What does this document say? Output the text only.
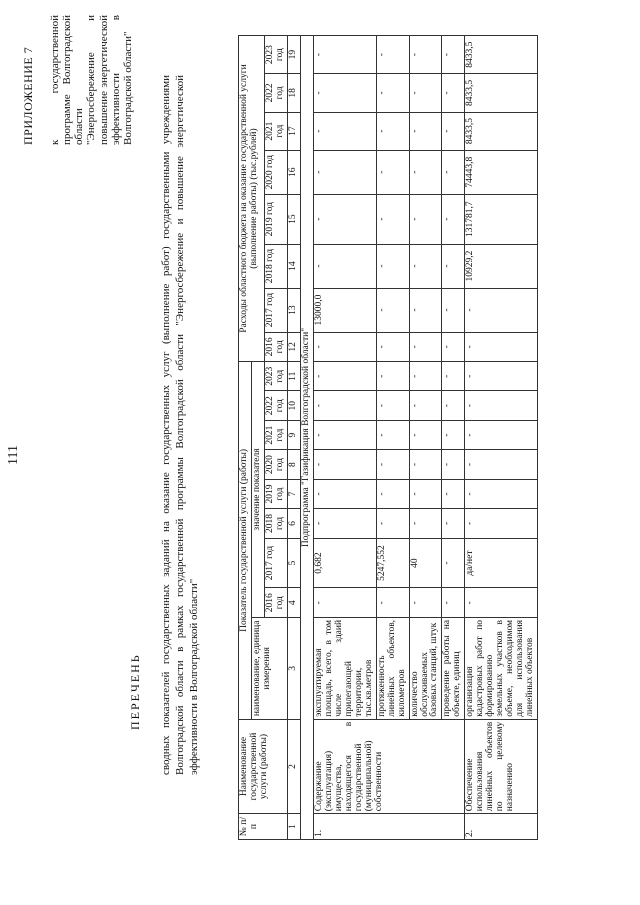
111
ПРИЛОЖЕНИЕ 7 к государственной программе Волгоградской области "Энергосбережение и повышение энергетической эффективности в Волгоградской области"
ПЕРЕЧЕНЬ сводных показателей государственных заданий на оказание государственных услуг (выполнение работ) государственными учреждениями Волгоградской области в рамках государственной программы Волгоградской области "Энергосбережение и повышение энергетической эффективности в Волгоградской области"
№ п/п	Наименование государственной услуги (работы)	Показатель государственной услуги (работы)									Расходы областного бюджета на оказание государственной услуги (выполнение работы) (тыс.рублей)							
		наименование, единица измерения	значение показателя															
			2016 год	2017 год	2018 год	2019 год	2020 год	2021 год	2022 год	2023 год	2016 год	2017 год	2018 год	2019 год	2020 год	2021 год	2022 год	2023 год
1	2	3	4	5	6	7	8	9	10	11	12	13	14	15	16	17	18	19
Подпрограмма "Газификация Волгоградской области"																		
1.	Содержание (эксплуатация) имущества, находящегося в государственной (муниципальной) собственности	эксплуатируемая площадь, всего, в том числе здаий прилегающей территории, тыс.кв.метров	-	0,682	-	-	-	-	-	-	-	13000,0	-	-	-	-	-	-
		протяженность линейных объектов, километров	-	5247,552	-	-	-	-	-	-	-	-	-	-	-	-	-	-
		количество обслуживаемых базовых станций, штук	-	40	-	-	-	-	-	-	-	-	-	-	-	-	-	-
		проведение работы на объекте, единиц	-	-	-	-	-	-	-	-	-	-	-	-	-	-	-	-
2.	Обеспечение использования линейных объектов по целевому назначению	организация кадастровых работ по формированию земельных участков в объеме, необходимом для использования линейных объектов	-	да/нет	-	-	-	-	-	-	-	-	10929,2	131781,7	74443,8	8433,5	8433,5	8433,5
